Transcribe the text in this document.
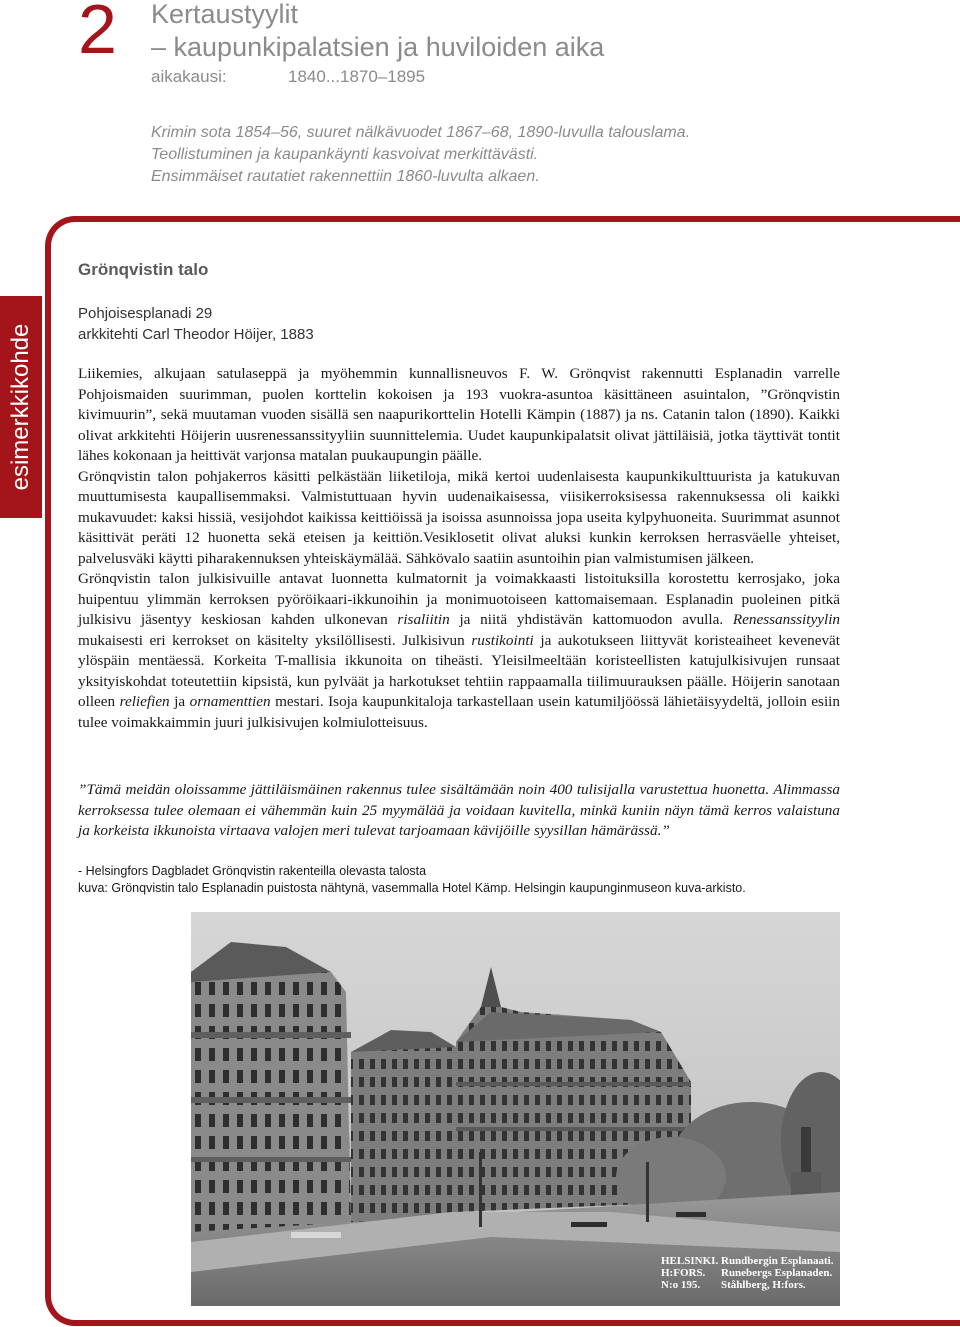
2 Kertaustyylit
– kaupunkipalatsien ja huviloiden aika
aikakausi:	1840...1870–1895
Krimin sota 1854–56, suuret nälkävuodet 1867–68, 1890-luvulla talouslama.
Teollistuminen ja kaupankäynti kasvoivat merkittävästi.
Ensimmäiset rautatiet rakennettiin 1860-luvulta alkaen.
esimerkkikohde
Grönqvistin talo
Pohjoisesplanadi 29
arkkitehti Carl Theodor Höijer, 1883

Liikemies, alkujaan satulaseppä ja myöhemmin kunnallisneuvos F. W. Grönqvist rakennutti Esplanadin varrelle Pohjoismaiden suurimman, puolen korttelin kokoisen ja 193 vuokra-asuntoa käsittäneen asuintalon, ”Grönqvistin kivimuurin”, sekä muutaman vuoden sisällä sen naapurikorttelin Hotelli Kämpin (1887) ja ns. Catanin talon (1890). Kaikki olivat arkkitehti Höijerin uusrenessanssityyliin suunnittelemia. Uudet kaupunkipalatsit olivat jättiläisiä, jotka täyttivät tontit lähes kokonaan ja heittivät varjonsa matalan puukaupungin päälle.

Grönqvistin talon pohjakerros käsitti pelkästään liiketiloja, mikä kertoi uudenlaisesta kaupunkikulttuurista ja katukuvan muuttumisesta kaupallisemmaksi. Valmistuttuaan hyvin uudenaikaisessa, viisikerroksisessa rakennuksessa oli kaikki mukavuudet: kaksi hissiä, vesijohdot kaikissa keittiöissä ja isoissa asunnoissa jopa useita kylpyhuoneita. Suurimmat asunnot käsittivät peräti 12 huonetta sekä eteisen ja keittiön.Vesiklosetit olivat aluksi kunkin kerroksen herrasväelle yhteiset, palvelusväki käytti piharakennuksen yhteiskäymälää. Sähkövalo saatiin asuntoihin pian valmistumisen jälkeen.

Grönqvistin talon julkisivuille antavat luonnetta kulmatornit ja voimakkaasti listoituksilla korostettu kerrosjako, joka huipentuu ylimmän kerroksen pyöröikaari-ikkunoihin ja monimuotoiseen kattomaisemaan. Esplanadin puoleinen pitkä julkisivu jäsentyy keskiosan kahden ulkonevan risaliitin ja niitä yhdistävän kattomuodon avulla. Renessanssityylin mukaisesti eri kerrokset on käsitelty yksilöllisesti. Julkisivun rustikointi ja aukotukseen liittyvät koristeaiheet kevenevät ylöspäin mentäessä. Korkeita T-mallisia ikkunoita on tiheästi. Yleisilmeeltään koristeellisten katujulkisivujen runsaat yksityiskohdat toteutettiin kipsistä, kun pylväät ja harkotukset tehtiin rappaamalla tiilimuurauksen päälle. Höijerin sanotaan olleen reliefien ja ornamenttien mestari. Isoja kaupunkitaloja tarkastellaan usein katumiljöössä lähietäisyydeltä, jolloin esiin tulee voimakkaimmin juuri julkisivujen kolmiulotteisuus.

”Tämä meidän oloissamme jättiläismäinen rakennus tulee sisältämään noin 400 tulisijalla varustettua huonetta. Alimmassa kerroksessa tulee olemaan ei vähemmän kuin 25 myymälää ja voidaan kuvitella, minkä kuniin näyn tämä kerros valaistuna ja korkeista ikkunoista virtaava valojen meri tulevat tarjoamaan kävijöille syysillan hämärässä.”
- Helsingfors Dagbladet Grönqvistin rakenteilla olevasta talosta
kuva: Grönqvistin talo Esplanadin puistosta nähtynä, vasemmalla Hotel Kämp. Helsingin kaupunginmuseon kuva-arkisto.
HELSINKI.
H:FORS.
N:o 195.
Rundbergin Esplanaati.
Runebergs Esplanaden.
Ståhlberg, H:fors.
